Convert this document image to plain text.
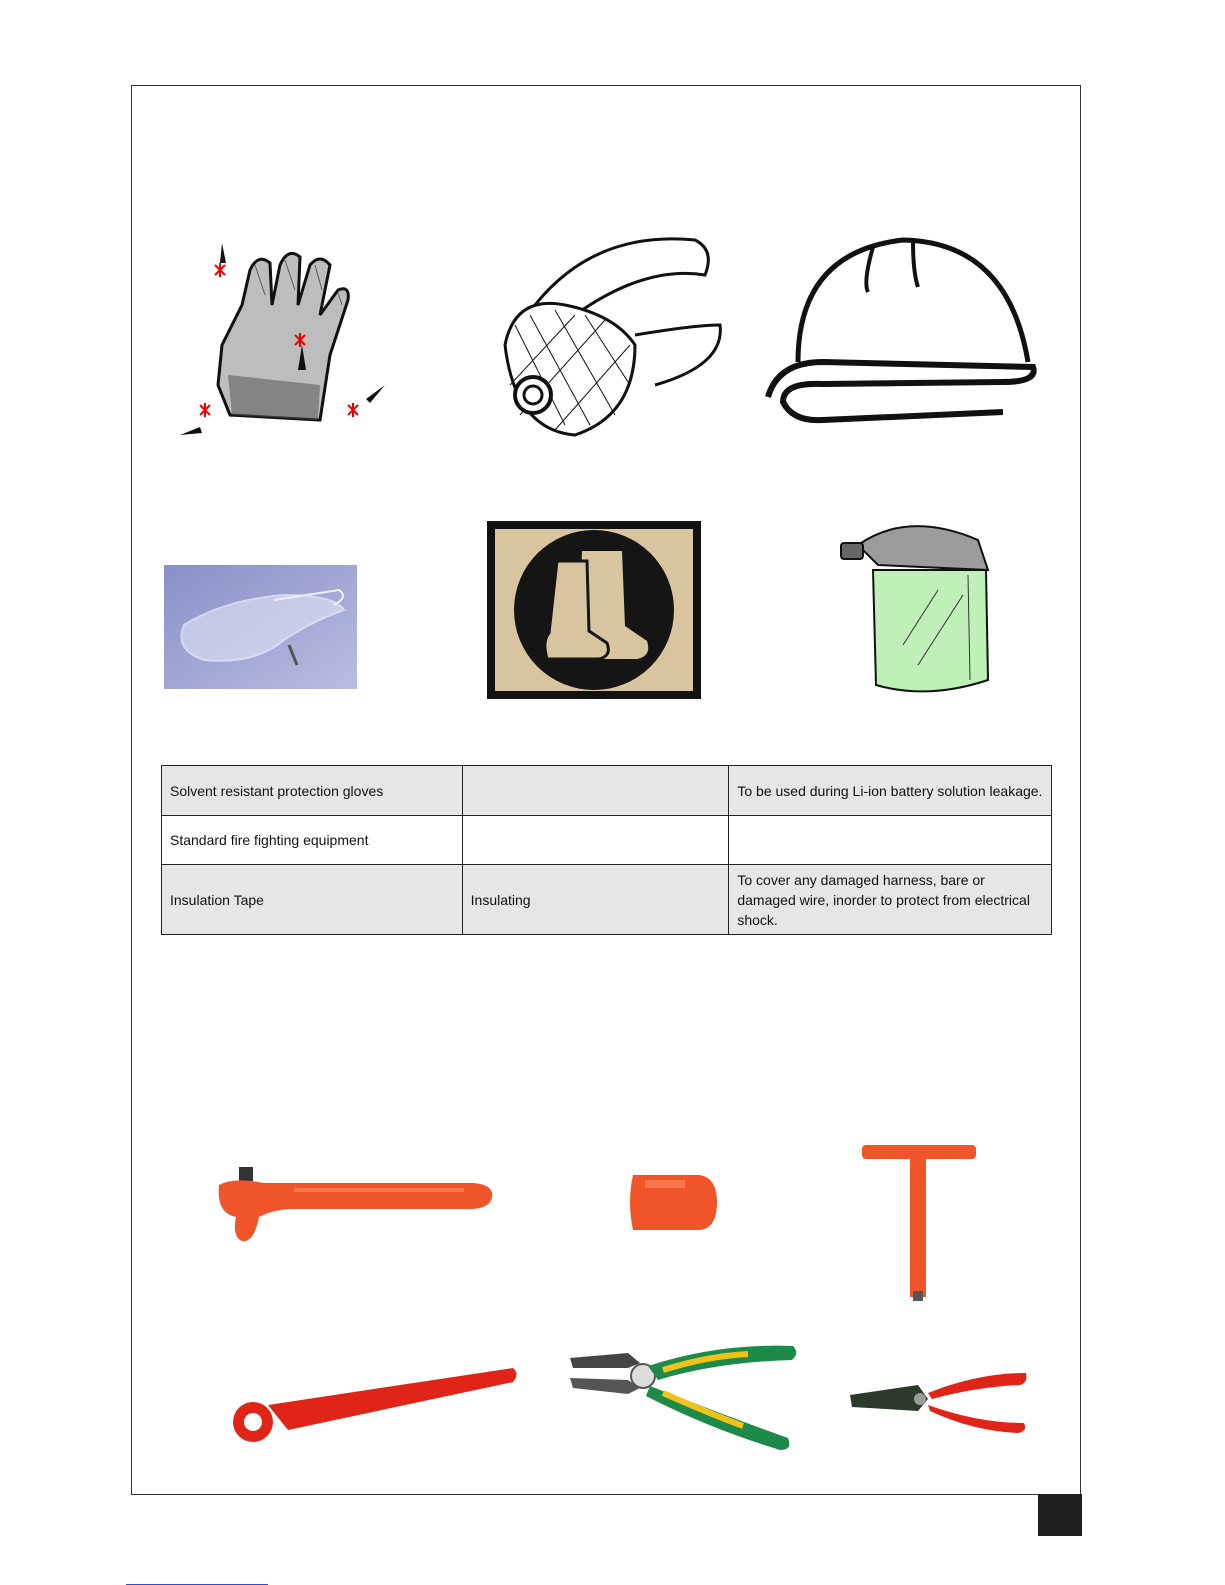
Solvent resistant protection gloves		To be used during Li-ion battery solution leakage.
Standard fire fighting equipment		
Insulation Tape	Insulating	To cover any damaged harness, bare or damaged wire, inorder to protect from electrical shock.
